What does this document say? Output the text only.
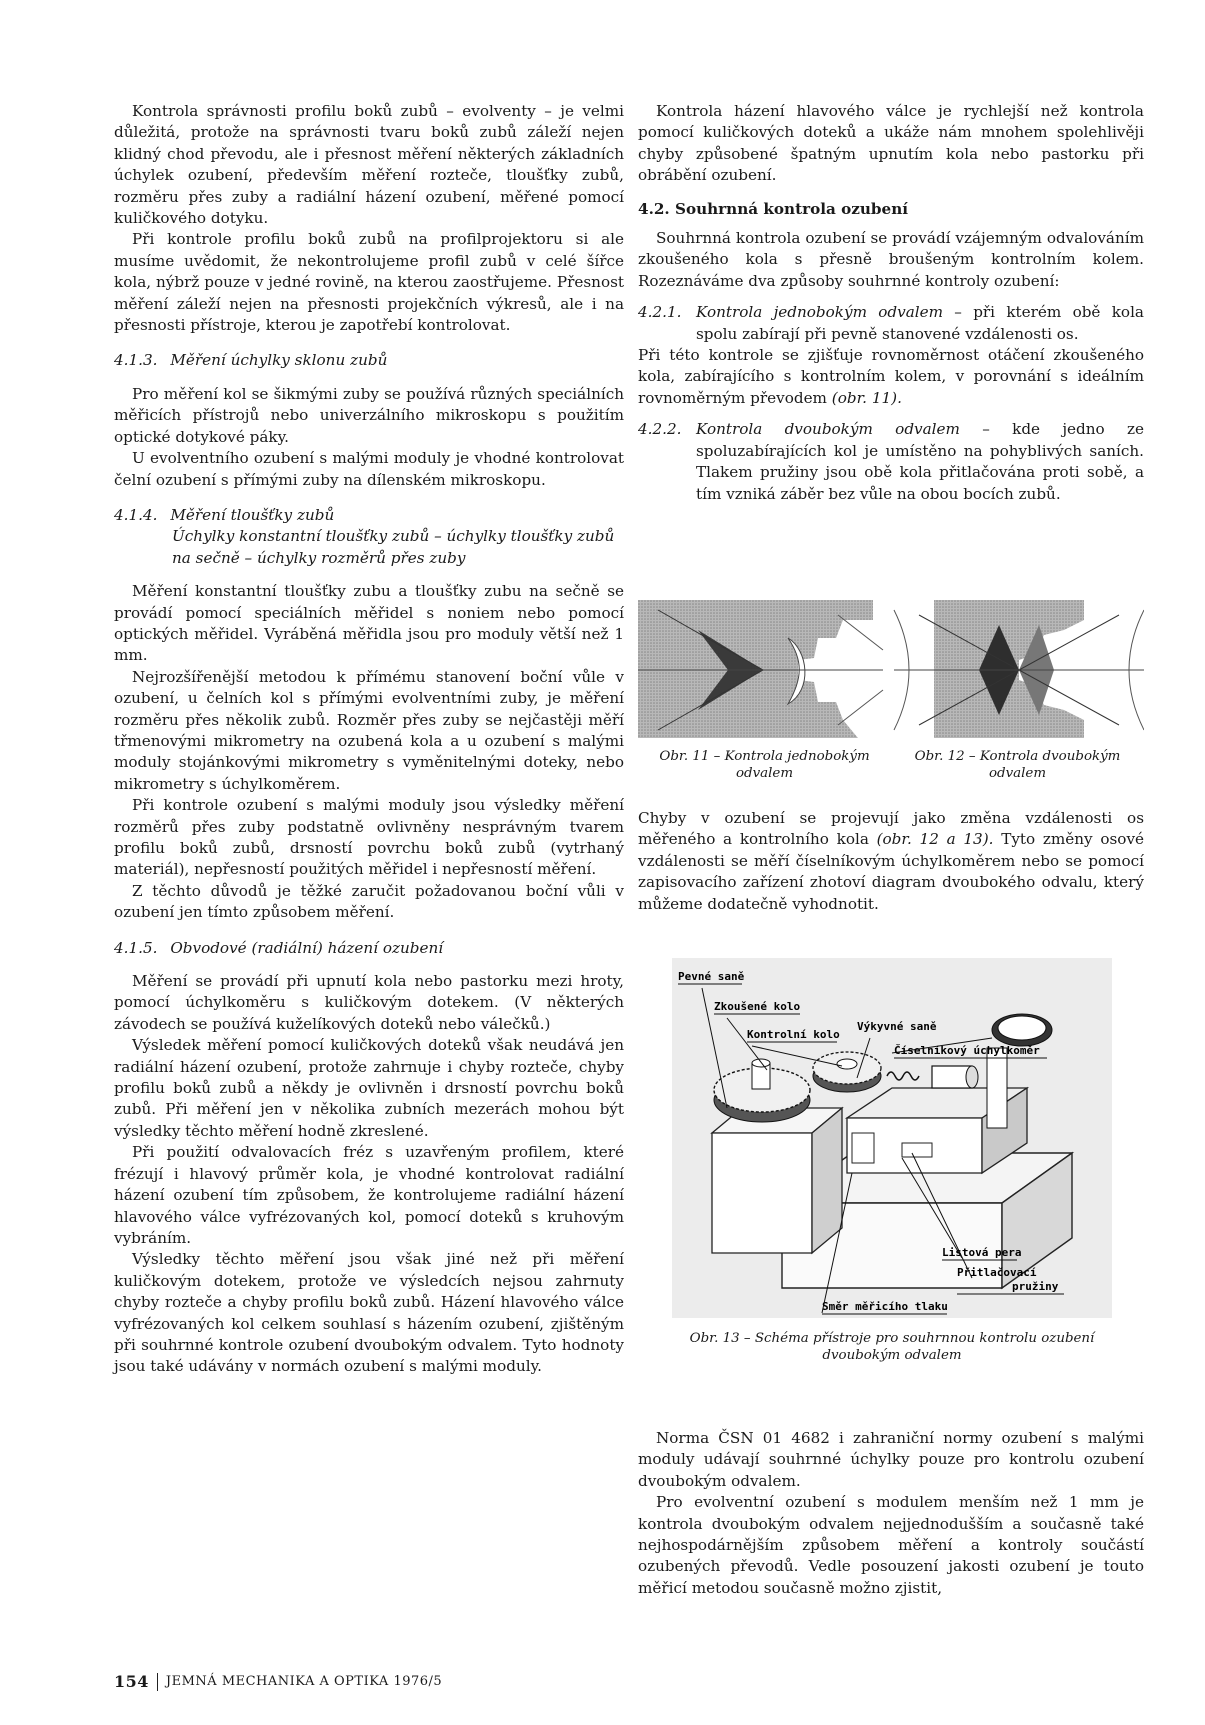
Kontrola správnosti profilu boků zubů – evolventy – je velmi důležitá, protože na správnosti tvaru boků zubů záleží nejen klidný chod převodu, ale i přesnost měření některých základních úchylek ozubení, především měření rozteče, tloušťky zubů, rozměru přes zuby a radiální házení ozubení, měřené pomocí kuličkového dotyku.

Při kontrole profilu boků zubů na profilprojektoru si ale musíme uvědomit, že nekontrolujeme profil zubů v celé šířce kola, nýbrž pouze v jedné rovině, na kterou zaostřujeme. Přesnost měření záleží nejen na přesnosti projekčních výkresů, ale i na přesnosti přístroje, kterou je zapotřebí kontrolovat.

4.1.3. Měření úchylky sklonu zubů

Pro měření kol se šikmými zuby se používá různých speciálních měřicích přístrojů nebo univerzálního mikroskopu s použitím optické dotykové páky.

U evolventního ozubení s malými moduly je vhodné kontrolovat čelní ozubení s přímými zuby na dílenském mikroskopu.

4.1.4. Měření tloušťky zubů
Úchylky konstantní tloušťky zubů – úchylky tloušťky zubů na sečně – úchylky rozměrů přes zuby

Měření konstantní tloušťky zubu a tloušťky zubu na sečně se provádí pomocí speciálních měřidel s noniem nebo pomocí optických měřidel. Vyráběná měřidla jsou pro moduly větší než 1 mm.

Nejrozšířenější metodou k přímému stanovení boční vůle v ozubení, u čelních kol s přímými evolventními zuby, je měření rozměru přes několik zubů. Rozměr přes zuby se nejčastěji měří třmenovými mikrometry na ozubená kola a u ozubení s malými moduly stojánkovými mikrometry s vyměnitelnými doteky, nebo mikrometry s úchylkoměrem.

Při kontrole ozubení s malými moduly jsou výsledky měření rozměrů přes zuby podstatně ovlivněny nesprávným tvarem profilu boků zubů, drsností povrchu boků zubů (vytrhaný materiál), nepřesností použitých měřidel i nepřesností měření.

Z těchto důvodů je těžké zaručit požadovanou boční vůli v ozubení jen tímto způsobem měření.

4.1.5. Obvodové (radiální) házení ozubení

Měření se provádí při upnutí kola nebo pastorku mezi hroty, pomocí úchylkoměru s kuličkovým dotekem. (V některých závodech se používá kuželíkových doteků nebo válečků.)

Výsledek měření pomocí kuličkových doteků však neudává jen radiální házení ozubení, protože zahrnuje i chyby rozteče, chyby profilu boků zubů a někdy je ovlivněn i drsností povrchu boků zubů. Při měření jen v několika zubních mezerách mohou být výsledky těchto měření hodně zkreslené.

Při použití odvalovacích fréz s uzavřeným profilem, které frézují i hlavový průměr kola, je vhodné kontrolovat radiální házení ozubení tím způsobem, že kontrolujeme radiální házení hlavového válce vyfrézovaných kol, pomocí doteků s kruhovým vybráním.

Výsledky těchto měření jsou však jiné než při měření kuličkovým dotekem, protože ve výsledcích nejsou zahrnuty chyby rozteče a chyby profilu boků zubů. Házení hlavového válce vyfrézovaných kol celkem souhlasí s házením ozubení, zjištěným při souhrnné kontrole ozubení dvoubokým odvalem. Tyto hodnoty jsou také udávány v normách ozubení s malými moduly.

Kontrola házení hlavového válce je rychlejší než kontrola pomocí kuličkových doteků a ukáže nám mnohem spolehlivěji chyby způsobené špatným upnutím kola nebo pastorku při obrábění ozubení.

4.2. Souhrnná kontrola ozubení

Souhrnná kontrola ozubení se provádí vzájemným odvalováním zkoušeného kola s přesně broušeným kontrolním kolem. Rozeznáváme dva způsoby souhrnné kontroly ozubení:

4.2.1. Kontrola jednobokým odvalem – při kterém obě kola spolu zabírají při pevně stanovené vzdálenosti os.

Při této kontrole se zjišťuje rovnoměrnost otáčení zkoušeného kola, zabírajícího s kontrolním kolem, v porovnání s ideálním rovnoměrným převodem (obr. 11).

4.2.2. Kontrola dvoubokým odvalem – kde jedno ze spoluzabírajících kol je umístěno na pohyblivých saních. Tlakem pružiny jsou obě kola přitlačována proti sobě, a tím vzniká záběr bez vůle na obou bocích zubů.

Obr. 11 – Kontrola jednobokým odvalem
Obr. 12 – Kontrola dvoubokým odvalem

Chyby v ozubení se projevují jako změna vzdálenosti os měřeného a kontrolního kola (obr. 12 a 13). Tyto změny osové vzdálenosti se měří číselníkovým úchylkoměrem nebo se pomocí zapisovacího zařízení zhotoví diagram dvoubokého odvalu, který můžeme dodatečně vyhodnotit.

Pevné saně
Zkoušené kolo
Kontrolní kolo
Výkyvné saně
Číselníkový úchylkoměr
Listová pera
Přitlačovací
pružiny
Směr měřicího tlaku
Obr. 13 – Schéma přístroje pro souhrnnou kontrolu ozubení dvoubokým odvalem

Norma ČSN 01 4682 i zahraniční normy ozubení s malými moduly udávají souhrnné úchylky pouze pro kontrolu ozubení dvoubokým odvalem.

Pro evolventní ozubení s modulem menším než 1 mm je kontrola dvoubokým odvalem nejjednodušším a současně také nejhospodárnějším způsobem měření a kontroly součástí ozubených převodů. Vedle posouzení jakosti ozubení je touto měřicí metodou současně možno zjistit,

154 JEMNÁ MECHANIKA A OPTIKA 1976/5
